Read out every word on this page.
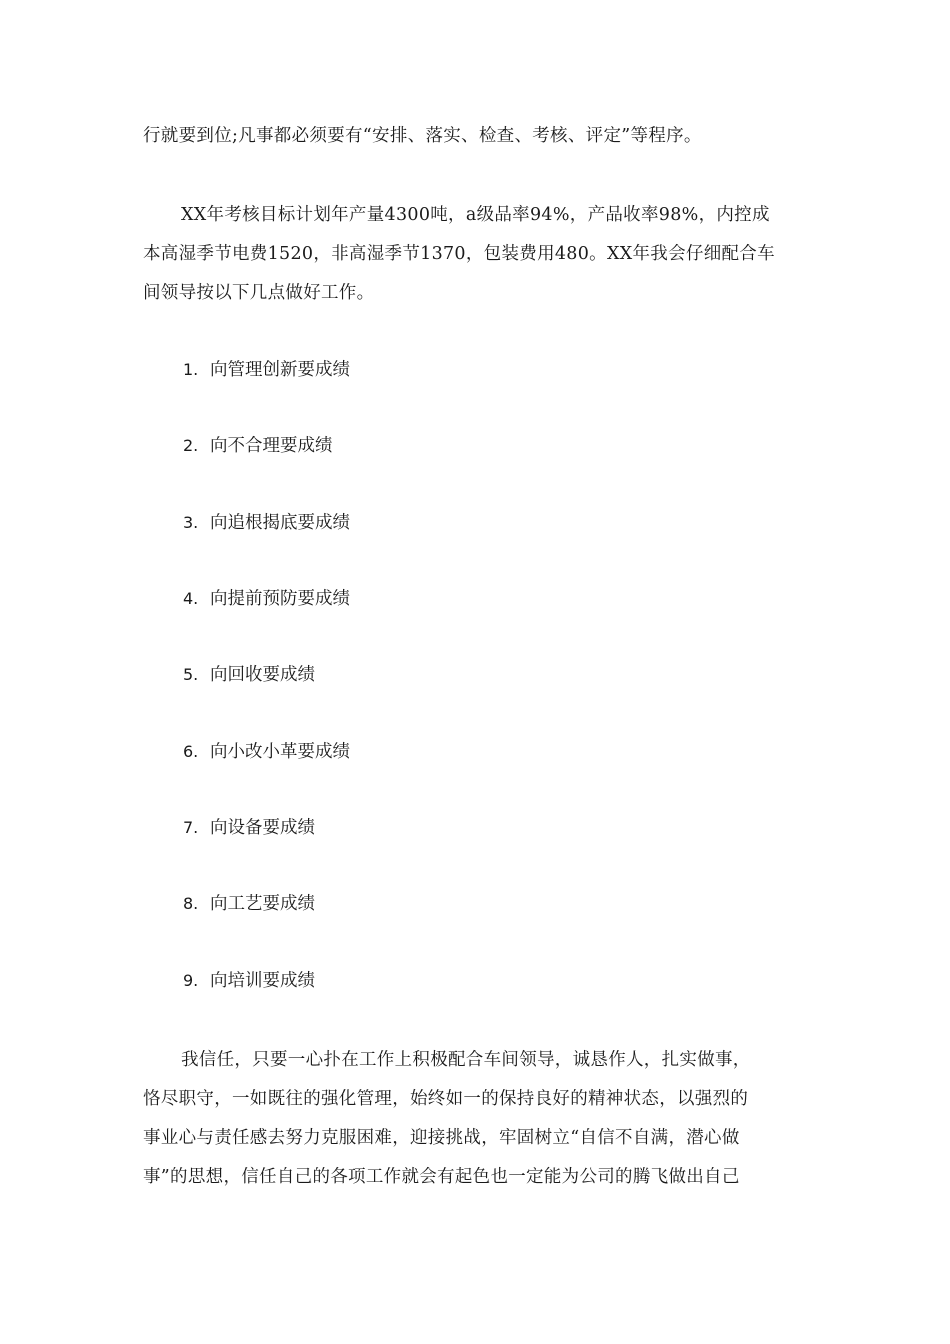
行就要到位;凡事都必须要有“安排、落实、检查、考核、评定”等程序。
XX年考核目标计划年产量4300吨，a级品率94%，产品收率98%，内控成
本高湿季节电费1520，非高湿季节1370，包装费用480。XX年我会仔细配合车
间领导按以下几点做好工作。
1. 向管理创新要成绩
2. 向不合理要成绩
3. 向追根揭底要成绩
4. 向提前预防要成绩
5. 向回收要成绩
6. 向小改小革要成绩
7. 向设备要成绩
8. 向工艺要成绩
9. 向培训要成绩
我信任，只要一心扑在工作上积极配合车间领导，诚恳作人，扎实做事，
恪尽职守，一如既往的强化管理，始终如一的保持良好的精神状态，以强烈的
事业心与责任感去努力克服困难，迎接挑战，牢固树立“自信不自满，潜心做
事”的思想，信任自己的各项工作就会有起色也一定能为公司的腾飞做出自己
